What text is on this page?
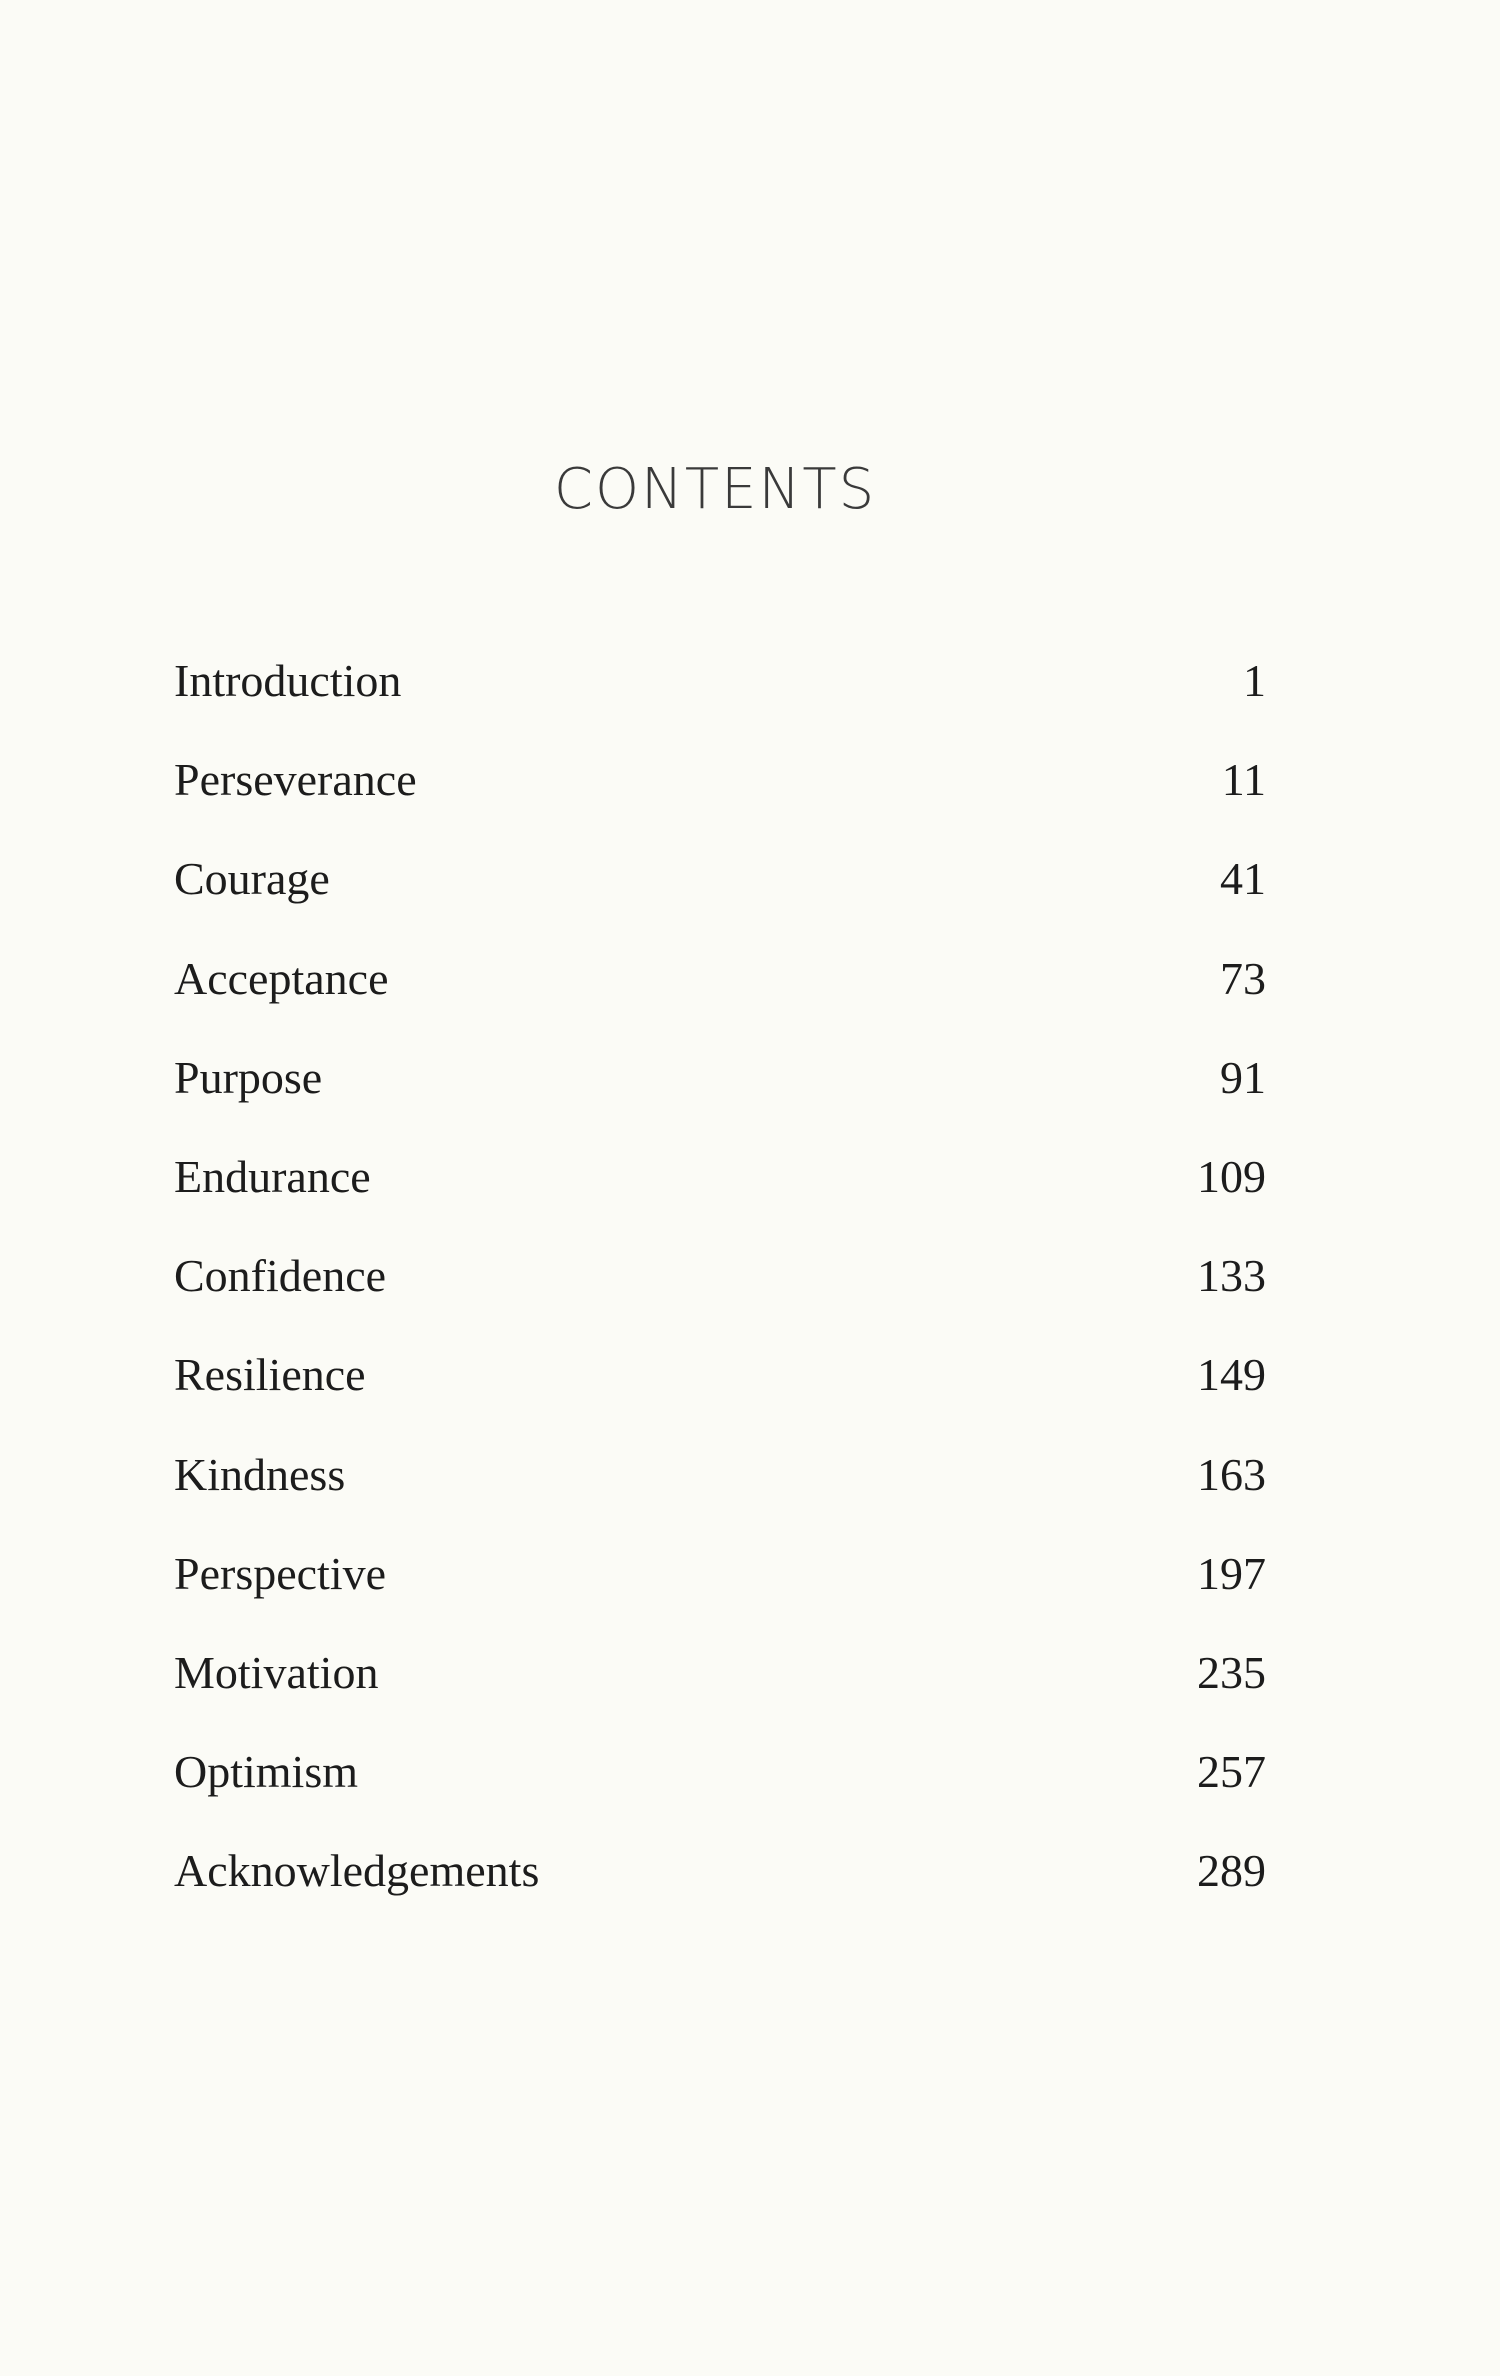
CONTENTS
Introduction	1
Perseverance	11
Courage	41
Acceptance	73
Purpose	91
Endurance	109
Confidence	133
Resilience	149
Kindness	163
Perspective	197
Motivation	235
Optimism	257
Acknowledgements	289
